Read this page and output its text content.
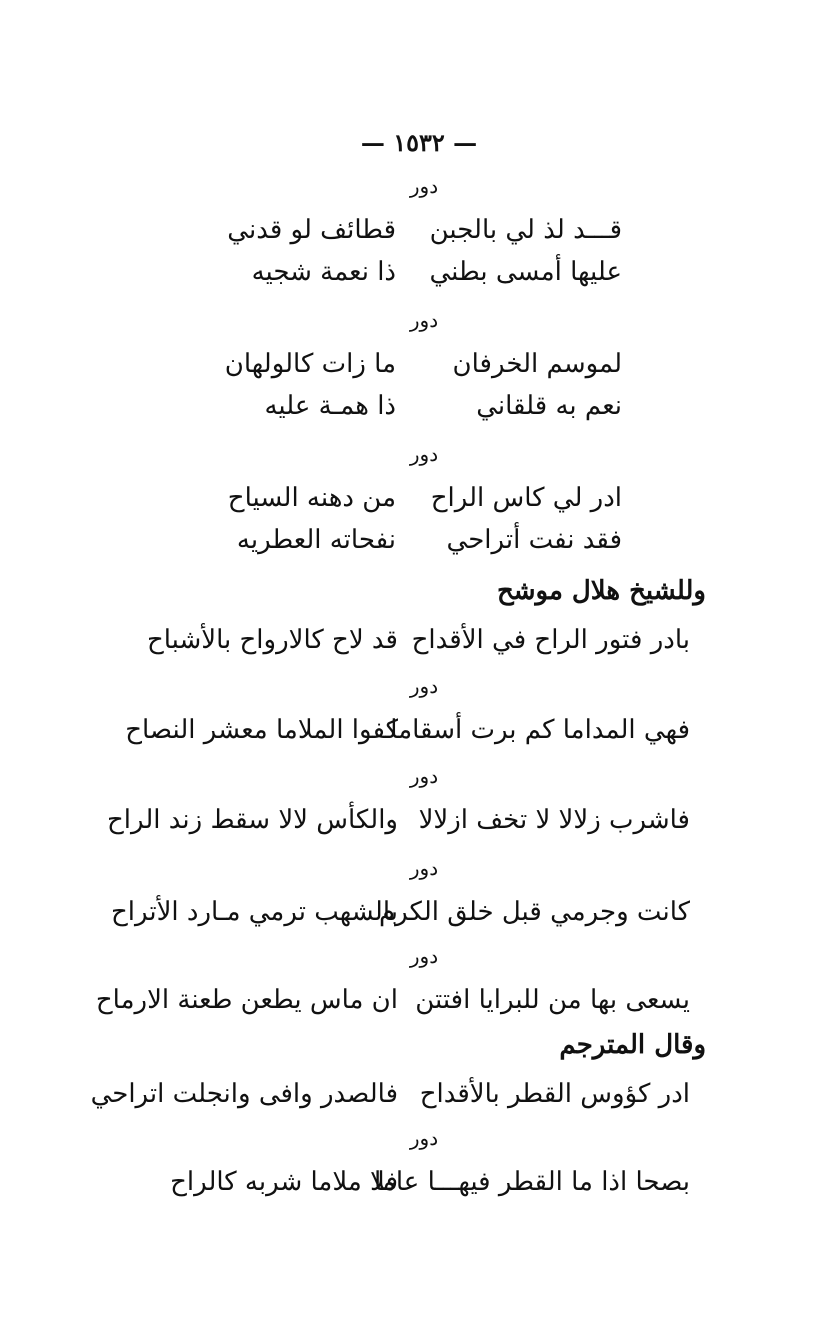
— ١٥٣٢ —
دور
قـــد لذ لي بالجبن
قطائف لو قدني
عليها أمسى بطني
ذا نعمة شجيه
دور
لموسم الخرفان
ما زات كالولهان
نعم به قلقاني
ذا همـة عليه
دور
ادر لي كاس الراح
من دهنه السياح
فقد نفت أتراحي
نفحاته العطريه
وللشيخ هلال موشح
بادر فتور الراح في الأقداح
قد لاح كالارواح بالأشباح
دور
فهي المداما كم برت أسقاما
كفوا الملاما معشر النصاح
دور
فاشرب زلالا لا تخف ازلالا
والكأس لالا سقط زند الراح
دور
كانت وجرمي قبل خلق الكرم
بالشهب ترمي مـارد الأتراح
دور
يسعى بها من للبرايا افتتن
ان ماس يطعن طعنة الارماح
وقال المترجم
ادر كؤوس القطر بالأقداح
فالصدر وافى وانجلت اتراحي
دور
بصحا اذا ما القطر فيهـــا عاما
فلا ملاما شربه كالراح
